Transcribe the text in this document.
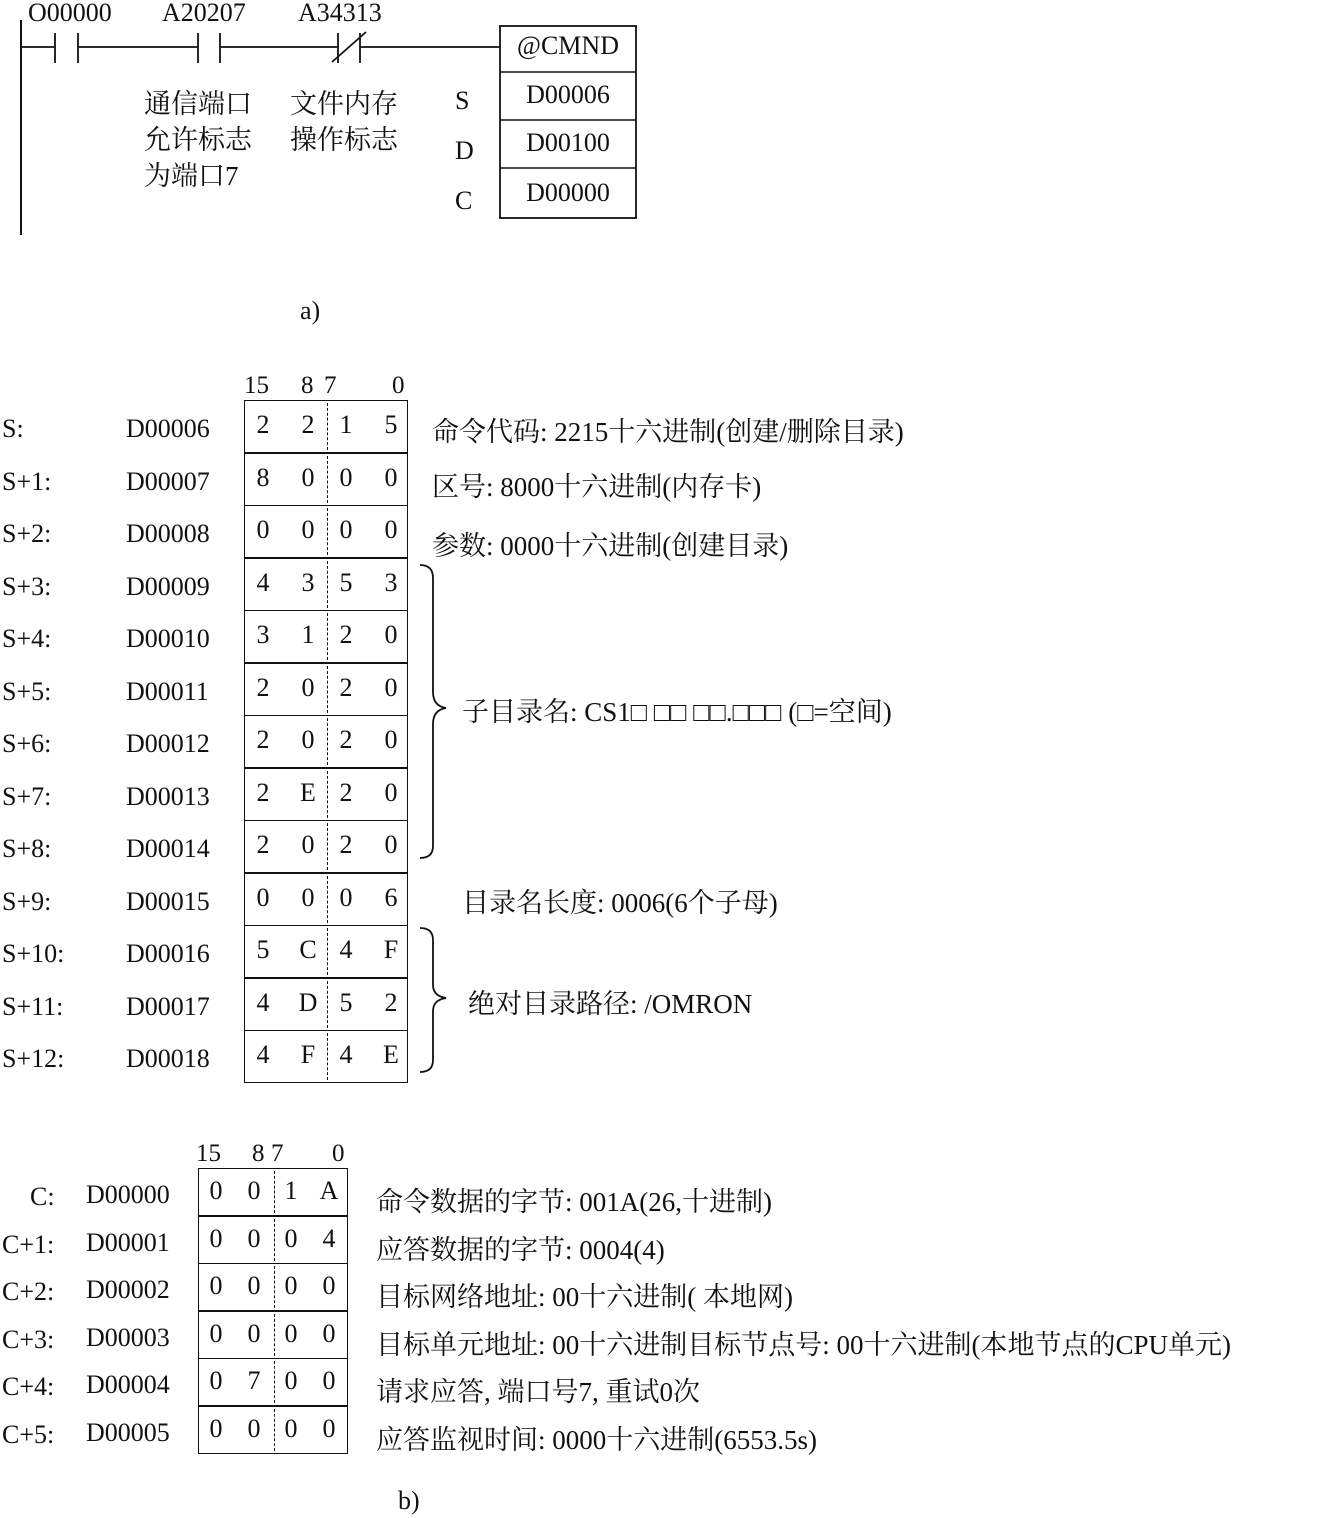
O00000 A20207 A34313
通信端口
允许标志
为端口7
文件内存
操作标志
@CMND
S
D
C
D00006
D00100
D00000
a)
15 8 7 0
S:	D00006 2 2 1 5
S+1:	D00007 8 0 0 0
S+2:	D00008 0 0 0 0
S+3:	D00009 4 3 5 3
S+4:	D00010 3 1 2 0
S+5:	D00011 2 0 2 0
S+6:	D00012 2 0 2 0
S+7:	D00013 2 E 2 0
S+8:	D00014 2 0 2 0
S+9:	D00015 0 0 0 6
S+10: D00016 5 C 4 F
S+11: D00017 4 D 5 2
S+12: D00018 4 F 4 E
命令代码: 2215十六进制(创建/删除目录)
区号: 8000十六进制(内存卡)
参数: 0000十六进制(创建目录)
子目录名: CS1□ □□ □□.□□□ (□=空间)
目录名长度: 0006(6个子母)
绝对目录路径: /OMRON
15 8 7 0
C: D00000 0 0 1 A 命令数据的字节: 001A(26,十进制)
C+1: D00001 0 0 0 4 应答数据的字节: 0004(4)
C+2: D00002 0 0 0 0 目标网络地址: 00十六进制( 本地网)
C+3: D00003 0 0 0 0 目标单元地址: 00十六进制目标节点号: 00十六进制(本地节点的CPU单元)
C+4: D00004 0 7 0 0 请求应答, 端口号7, 重试0次
C+5: D00005 0 0 0 0 应答监视时间: 0000十六进制(6553.5s)
b)
